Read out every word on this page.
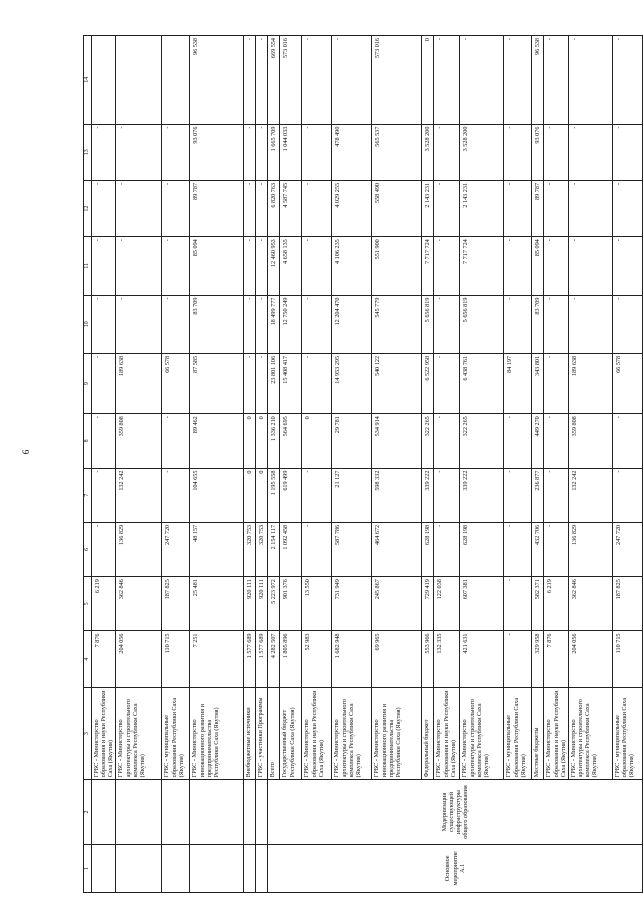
6
1	2	3	4	5	6	7	8	9	10	11	12	13	14
		ГРБС - Министерство образования и науки Республики Саха (Якутия)	7 876	6 219	-	-	-	-	-	-	-	-	
		ГРБС - Министерство архитектуры и строительного комплекса Республики Саха (Якутия)	204 056	362 846	136 829	132 242	359 808	189 638	-	-	-	-	
		ГРБС - муниципальные образования Республики Саха (Якутия)	110 715	187 825	247 720	-	-	66 578	-	-	-	-	
		ГРБС - Министерство инновационного развития и предпринимательства Республики Саха (Якутия)	7 251	25 481	48 157	104 655	89 462	87 585	83 709	85 094	89 787	93 076	96 538
		Внебюджетные источники	1 577 689	920 111	320 753	0	0	-	-	-	-	-	-
		ГРБС - участники Программы	1 577 689	920 111	320 753	0	0	-	-	-	-	-	-
Основное мероприятие А.1	Модернизация существующей инфраструктуры общего образования	Всего	4 282 507	5 223 972	2 154 117	1 195 558	1 336 210	23 801 106	18 499 777	12 460 953	6 820 763	1 665 709	669 554
		Государственный бюджет Республики Саха (Якутия)	1 805 896	901 376	1 092 458	619 499	564 695	15 408 417	12 750 249	4 658 135	4 587 745	1 044 033	573 016
		ГРБС - Министерство образования и науки Республики Саха (Якутия)	52 983	13 550	-	-	0	-	-	-	-	-	-
		ГРБС - Министерство архитектуры и строительного комплекса Республики Саха (Якутия)	1 682 948	731 949	587 786	21 127	29 781	14 953 295	12 204 470	4 106 235	4 029 255	478 490	-
		ГРБС - Министерство инновационного развития и предпринимательства Республики Саха (Якутия)	69 965	245 867	464 672	598 332	534 914	540 122	545 779	551 900	558 490	565 537	573 016
		Федеральный бюджет	553 966	729 419	628 198	339 222	322 265	6 522 958	5 656 819	7 717 724	2 143 231	3 528 200	0
		ГРБС - Министерство образования и науки Республики Саха (Якутия)	132 335	122 038	-	-	-	-	-	-	-	-	-
		ГРБС - Министерство архитектуры и строительного комплекса Республики Саха (Якутия)	421 631	607 381	628 198	339 222	322 265	6 438 761	5 656 819	7 717 724	2 143 231	3 528 200	-
		ГРБС - муниципальные образования Республики Саха (Якутия)	-	-	-	-	-	84 197	-	-	-	-	-
		Местные бюджеты	329 958	582 371	432 706	236 877	449 270	343 801	83 709	85 094	89 787	93 076	96 538
		ГРБС - Министерство образования и науки Республики Саха (Якутия)	7 876	6 219	-	-	-	-	-	-	-	-	-
		ГРБС - Министерство архитектуры и строительного комплекса Республики Саха (Якутия)	204 056	362 846	136 829	132 242	359 808	189 638	-	-	-	-	-
		ГРБС - муниципальные образования Республики Саха (Якутия)	110 715	187 825	247 720	-	-	66 578	-	-	-	-	-
